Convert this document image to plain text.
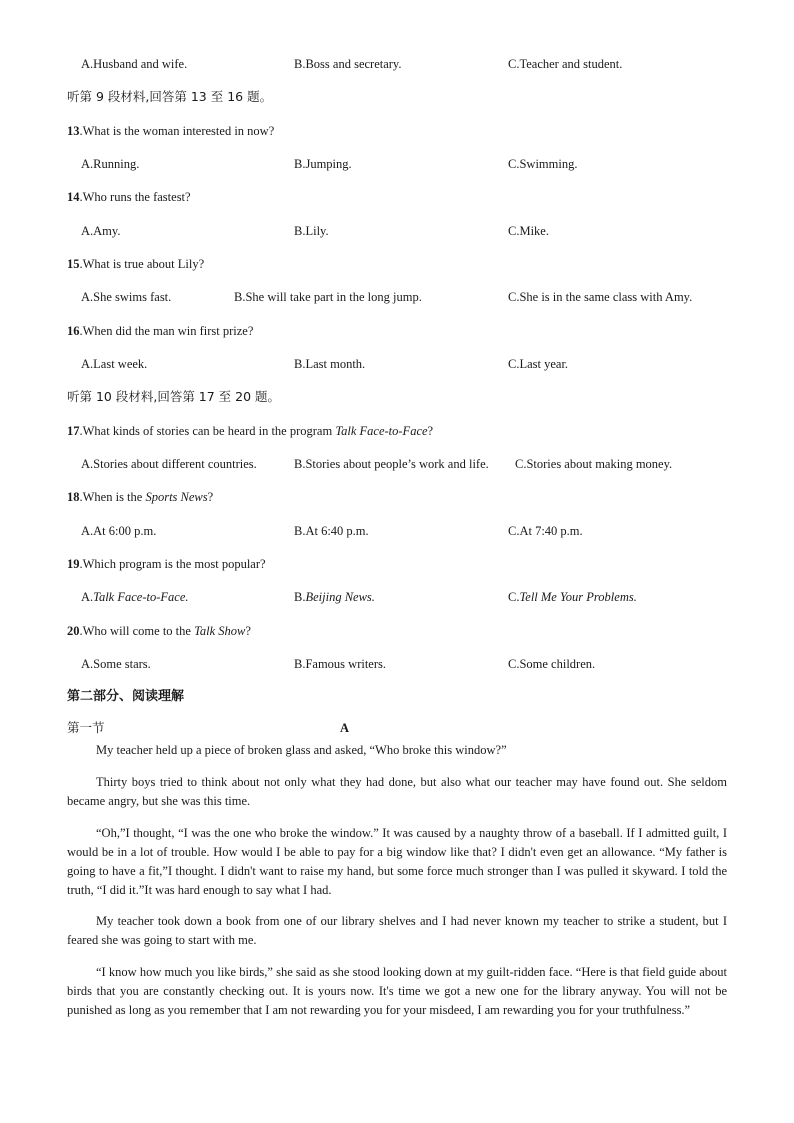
A.Husband and wife.	B.Boss and secretary.	C.Teacher and student.
听第 9 段材料,回答第 13 至 16 题。
13.What is the woman interested in now?
A.Running.	B.Jumping.	C.Swimming.
14.Who runs the fastest?
A.Amy.	B.Lily.	C.Mike.
15.What is true about Lily?
A.She swims fast.	B.She will take part in the long jump.	C.She is in the same class with Amy.
16.When did the man win first prize?
A.Last week.	B.Last month.	C.Last year.
听第 10 段材料,回答第 17 至 20 题。
17.What kinds of stories can be heard in the program Talk Face-to-Face?
A.Stories about different countries.	B.Stories about people’s work and life. C.Stories about making money.
18.When is the Sports News?
A.At 6:00 p.m.	B.At 6:40 p.m.	C.At 7:40 p.m.
19.Which program is the most popular?
A.Talk Face-to-Face.	B.Beijing News.	C.Tell Me Your Problems.
20.Who will come to the Talk Show?
A.Some stars.	B.Famous writers.	C.Some children.
第二部分、阅读理解
第一节	A

My teacher held up a piece of broken glass and asked, “Who broke this window?”

Thirty boys tried to think about not only what they had done, but also what our teacher may have found out. She seldom became angry, but she was this time.

“Oh,”I thought, “I was the one who broke the window.” It was caused by a naughty throw of a baseball. If I admitted guilt, I would be in a lot of trouble. How would I be able to pay for a big window like that? I didn't even get an allowance. “My father is going to have a fit,”I thought. I didn't want to raise my hand, but some force much stronger than I was pulled it skyward. I told the truth, “I did it.”It was hard enough to say what I had.

My teacher took down a book from one of our library shelves and I had never known my teacher to strike a student, but I feared she was going to start with me.

“I know how much you like birds,” she said as she stood looking down at my guilt-ridden face. “Here is that field guide about birds that you are constantly checking out. It is yours now. It's time we got a new one for the library anyway. You will not be punished as long as you remember that I am not rewarding you for your misdeed, I am rewarding you for your truthfulness.”
